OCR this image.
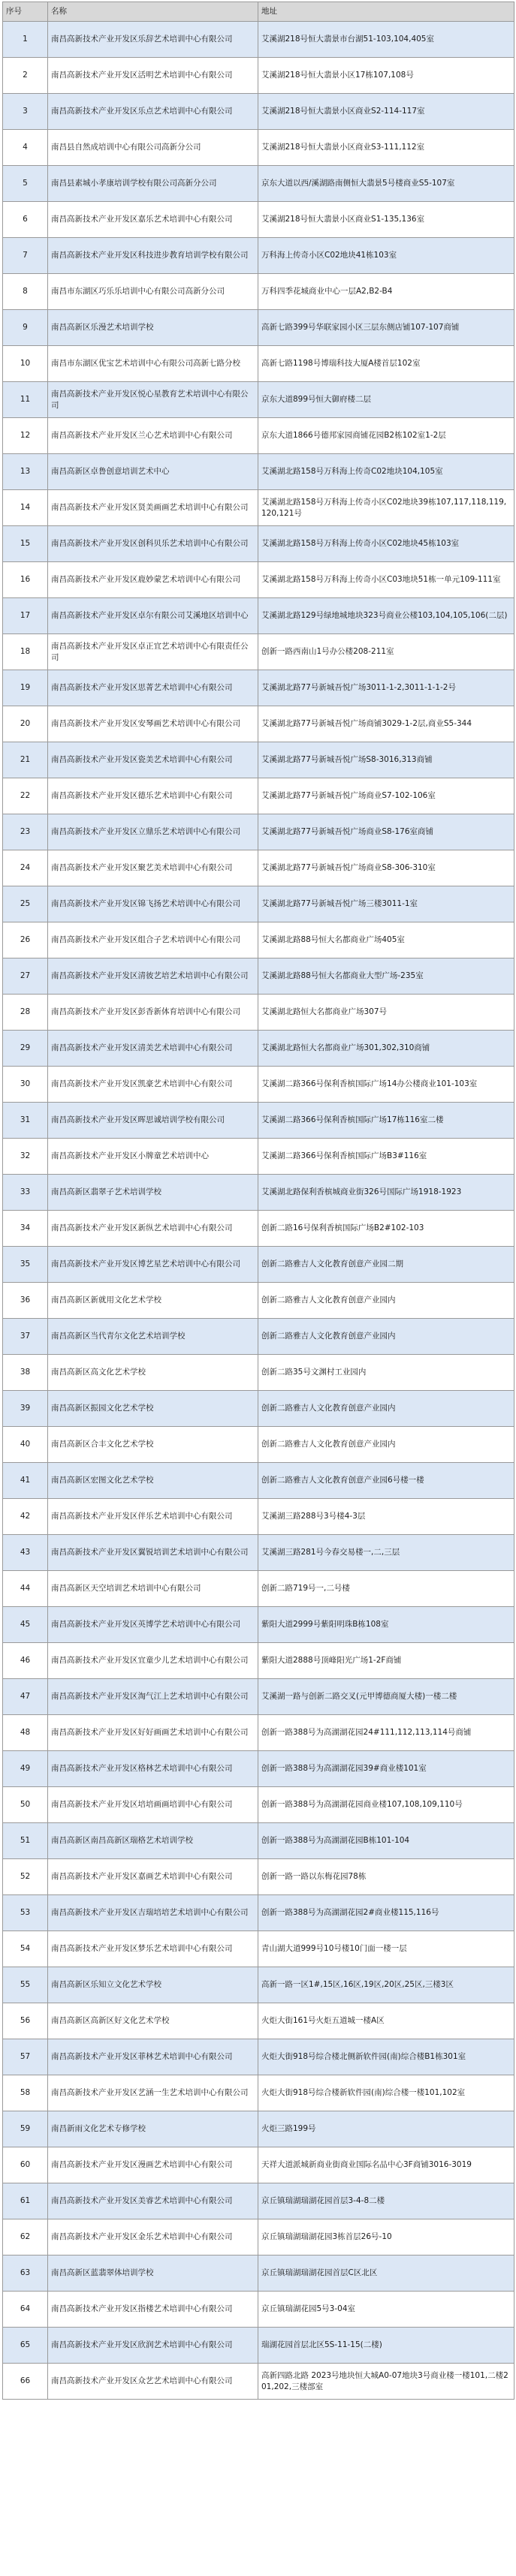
序号	名称	地址
1	南昌高新技术产业开发区乐辞艺术培训中心有限公司	艾溪湖218号恒大翡景市台湖51-103,104,405室
2	南昌高新技术产业开发区活明艺术培训中心有限公司	艾溪湖218号恒大翡景小区17栋107,108号
3	南昌高新技术产业开发区乐点艺术培训中心有限公司	艾溪湖218号恒大翡景小区商业S2-114-117室
4	南昌县自然成培训中心有限公司高新分公司	艾溪湖218号恒大翡景小区商业S3-111,112室
5	南昌县素城小孝康培训学校有限公司高新分公司	京东大道以西/溪湖路南侧恒大翡景5号楼商业S5-107室
6	南昌高新技术产业开发区嘉乐艺术培训中心有限公司	艾溪湖218号恒大翡景小区商业S1-135,136室
7	南昌高新技术产业开发区科技进步教育培训学校有限公司	万科海上传奇小区C02地块41栋103室
8	南昌市东湖区巧乐乐培训中心有限公司高新分公司	万科四季花城商业中心一层A2,B2-B4
9	南昌高新区乐漫艺术培训学校	高新七路399号华联家园小区三层东侧店铺107-107商铺
10	南昌市东湖区优宝艺术培训中心有限公司高新七路分校	高新七路1198号博瑞科技大厦A楼首层102室
11	南昌高新技术产业开发区悦心星教育艺术培训中心有限公司	京东大道899号恒大御府楼二层
12	南昌高新技术产业开发区兰心艺术培训中心有限公司	京东大道1866号德邦家园商铺花园B2栋102室1-2层
13	南昌高新区卓鲁创意培训艺术中心	艾溪湖北路158号万科海上传奇C02地块104,105室
14	南昌高新技术产业开发区贤美画画艺术培训中心有限公司	艾溪湖北路158号万科海上传奇小区C02地块39栋107,117,118,119,120,121号
15	南昌高新技术产业开发区创科贝乐艺术培训中心有限公司	艾溪湖北路158号万科海上传奇小区C02地块45栋103室
16	南昌高新技术产业开发区鹿妙蒙艺术培训中心有限公司	艾溪湖北路158号万科海上传奇小区C03地块51栋一单元109-111室
17	南昌高新技术产业开发区卓尔有限公司艾溪地区培训中心	艾溪湖北路129号绿地城地块323号商业公楼103,104,105,106(二层)
18	南昌高新技术产业开发区卓正宜艺术培训中心有限责任公司	创新一路西南山1号办公楼208-211室
19	南昌高新技术产业开发区思菁艺术培训中心有限公司	艾溪湖北路77号新城吾悦广场3011-1-2,3011-1-1-2号
20	南昌高新技术产业开发区安琴画艺术培训中心有限公司	艾溪湖北路77号新城吾悦广场商铺3029-1-2层,商业S5-344
21	南昌高新技术产业开发区瓷美艺术培训中心有限公司	艾溪湖北路77号新城吾悦广场S8-3016,313商铺
22	南昌高新技术产业开发区德乐艺术培训中心有限公司	艾溪湖北路77号新城吾悦广场商业S7-102-106室
23	南昌高新技术产业开发区立鼎乐艺术培训中心有限公司	艾溪湖北路77号新城吾悦广场商业S8-176室商铺
24	南昌高新技术产业开发区聚艺美术培训中心有限公司	艾溪湖北路77号新城吾悦广场商业S8-306-310室
25	南昌高新技术产业开发区锦飞扬艺术培训中心有限公司	艾溪湖北路77号新城吾悦广场三楼3011-1室
26	南昌高新技术产业开发区组合子艺术培训中心有限公司	艾溪湖北路88号恒大名都商业广场405室
27	南昌高新技术产业开发区清彼艺培艺术培训中心有限公司	艾溪湖北路88号恒大名都商业大型广场-235室
28	南昌高新技术产业开发区彭香新体育培训中心有限公司	艾溪湖北路恒大名都商业广场307号
29	南昌高新技术产业开发区清美艺术培训中心有限公司	艾溪湖北路恒大名都商业广场301,302,310商铺
30	南昌高新技术产业开发区凯豪艺术培训中心有限公司	艾溪湖二路366号保利香槟国际广场14办公楼商业101-103室
31	南昌高新技术产业开发区晖思诚培训学校有限公司	艾溪湖二路366号保利香槟国际广场17栋116室二楼
32	南昌高新技术产业开发区小牌童艺术培训中心	艾溪湖二路366号保利香槟国际广场B3#116室
33	南昌高新区翡翠子艺术培训学校	艾溪湖北路保利香槟城商业街326号国际广场1918-1923
34	南昌高新技术产业开发区新纵艺术培训中心有限公司	创新二路16号保利香槟国际广场B2#102-103
35	南昌高新技术产业开发区博艺星艺术培训中心有限公司	创新二路雅吉人文化教育创意产业园二期
36	南昌高新区新就用文化艺术学校	创新二路雅吉人文化教育创意产业园内
37	南昌高新区当代青尔文化艺术培训学校	创新二路雅吉人文化教育创意产业园内
38	南昌高新区高文化艺术学校	创新二路35号文渊村工业园内
39	南昌高新区振园文化艺术学校	创新二路雅吉人文化教育创意产业园内
40	南昌高新区合丰文化艺术学校	创新二路雅吉人文化教育创意产业园内
41	南昌高新区宏图文化艺术学校	创新二路雅吉人文化教育创意产业园6号楼一楼
42	南昌高新技术产业开发区伴乐艺术培训中心有限公司	艾溪湖三路288号3号楼4-3层
43	南昌高新技术产业开发区翼锐培训艺术培训中心有限公司	艾溪湖三路281号今春交易楼一,二,三层
44	南昌高新区天空培训艺术培训中心有限公司	创新二路719号一,二号楼
45	南昌高新技术产业开发区英博学艺术培训中心有限公司	紫阳大道2999号紫阳明珠B栋108室
46	南昌高新技术产业开发区宜童少儿艺术培训中心有限公司	紫阳大道2888号顶峰阳光广场1-2F商铺
47	南昌高新技术产业开发区淘气江上艺术培训中心有限公司	艾溪湖一路与创新二路交叉(元甲博德商厦大楼)一楼二楼
48	南昌高新技术产业开发区好好画画艺术培训中心有限公司	创新一路388号为高湖湖花园24#111,112,113,114号商铺
49	南昌高新技术产业开发区格林艺术培训中心有限公司	创新一路388号为高湖湖花园39#商业楼101室
50	南昌高新技术产业开发区培培画画培训中心有限公司	创新一路388号为高湖湖花园商业楼107,108,109,110号
51	南昌高新区南昌高新区瑞格艺术培训学校	创新一路388号为高湖湖花园B栋101-104
52	南昌高新技术产业开发区嘉画艺术培训中心有限公司	创新一路一路以东梅花园78栋
53	南昌高新技术产业开发区吉瑞培培艺术培训中心有限公司	创新一路388号为高湖湖花园2#商业楼115,116号
54	南昌高新技术产业开发区梦乐艺术培训中心有限公司	青山湖大道999号10号楼10门面一楼一层
55	南昌高新区乐知立文化艺术学校	高新一路一区1#,15区,16区,19区,20区,25区,三楼3区
56	南昌高新区高新区好文化艺术学校	火炬大街161号火炬五道城一楼A区
57	南昌高新技术产业开发区菲林艺术培训中心有限公司	火炬大街918号综合楼北侧新软件园(南)综合楼B1栋301室
58	南昌高新技术产业开发区艺涵一生艺术培训中心有限公司	火炬大街918号综合楼新软件园(南)综合楼一楼101,102室
59	南昌新雨文化艺术专修学校	火炬三路199号
60	南昌高新技术产业开发区漫画艺术培训中心有限公司	天祥大道派城新商业街商业国际名品中心3F商铺3016-3019
61	南昌高新技术产业开发区美睿艺术培训中心有限公司	京丘镇瑞湖瑞湖花园首层3-4-8二楼
62	南昌高新技术产业开发区金乐艺术培训中心有限公司	京丘镇瑞湖瑞湖花园3栋首层26号-10
63	南昌高新区蓝翡翠体培训学校	京丘镇瑞湖瑞湖花园首层C区北区
64	南昌高新技术产业开发区指楼艺术培训中心有限公司	京丘镇瑞湖花园5号3-04室
65	南昌高新技术产业开发区欣润艺术培训中心有限公司	瑞湖花园首层北区5S-11-15(二楼)
66	南昌高新技术产业开发区众艺艺术培训中心有限公司	高新四路北路 2023号地块恒大城A0-07地块3号商业楼一楼101,二楼201,202,三楼部室
